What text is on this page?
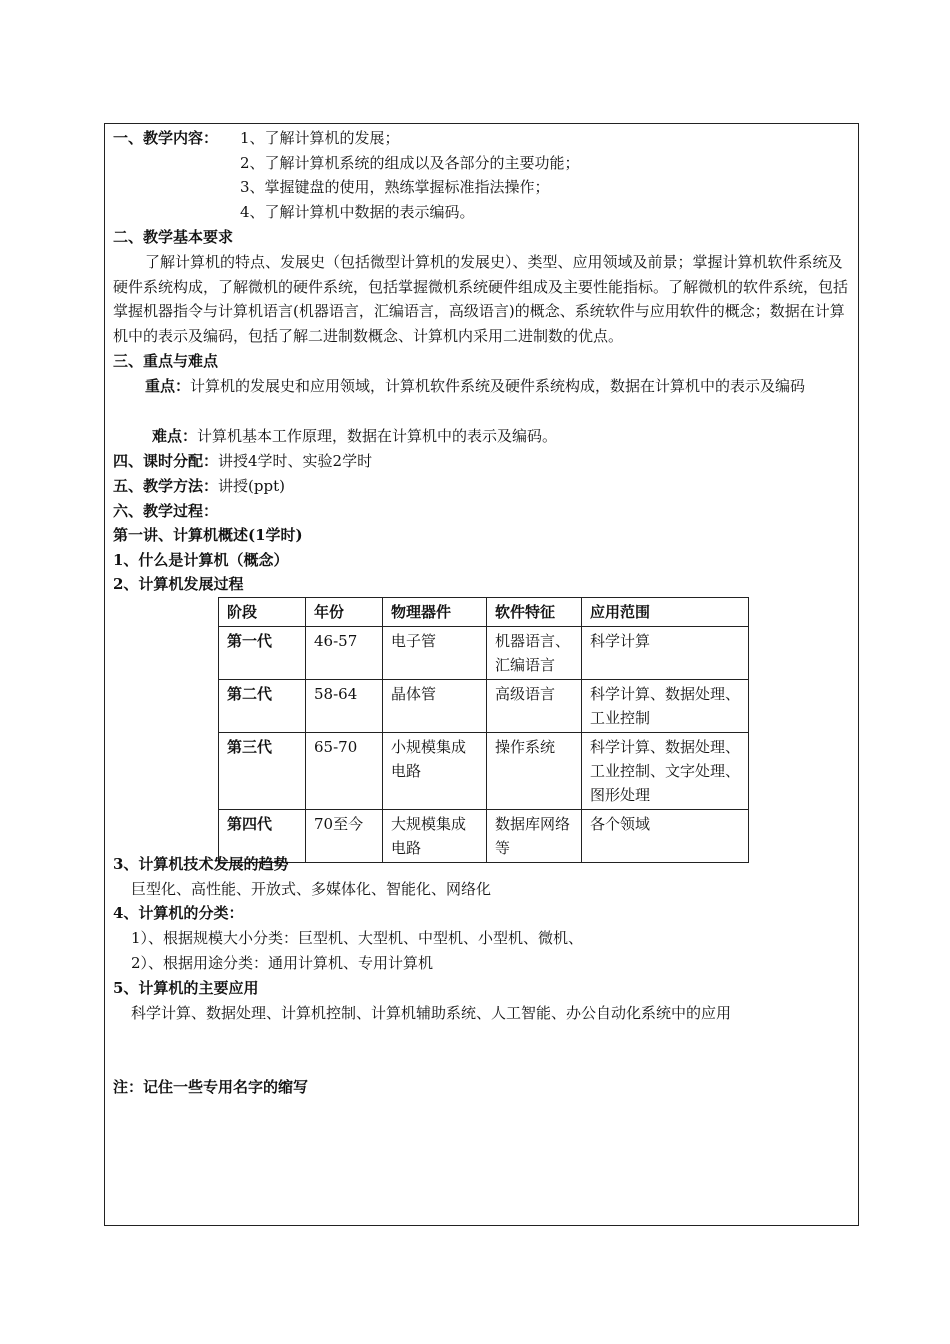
一、教学内容： 1、了解计算机的发展；
2、了解计算机系统的组成以及各部分的主要功能；
3、掌握键盘的使用，熟练掌握标准指法操作；
4、了解计算机中数据的表示编码。
二、教学基本要求
了解计算机的特点、发展史（包括微型计算机的发展史）、类型、应用领域及前景；掌握计算机软件系统及硬件系统构成，了解微机的硬件系统，包括掌握微机系统硬件组成及主要性能指标。了解微机的软件系统，包括掌握机器指令与计算机语言(机器语言，汇编语言，高级语言)的概念、系统软件与应用软件的概念；数据在计算机中的表示及编码，包括了解二进制数概念、计算机内采用二进制数的优点。
三、重点与难点
重点：计算机的发展史和应用领域，计算机软件系统及硬件系统构成，数据在计算机中的表示及编码
难点：计算机基本工作原理，数据在计算机中的表示及编码。
四、课时分配：讲授4学时、实验2学时
五、教学方法：讲授(ppt)
六、教学过程：
第一讲、计算机概述(1学时)
1、什么是计算机（概念）
2、计算机发展过程
阶段	年份	物理器件	软件特征	应用范围
第一代	46-57	电子管	机器语言、汇编语言	科学计算
第二代	58-64	晶体管	高级语言	科学计算、数据处理、工业控制
第三代	65-70	小规模集成电路	操作系统	科学计算、数据处理、工业控制、文字处理、图形处理
第四代	70至今	大规模集成电路	数据库网络等	各个领域
3、计算机技术发展的趋势
巨型化、高性能、开放式、多媒体化、智能化、网络化
4、计算机的分类：
1）、根据规模大小分类：巨型机、大型机、中型机、小型机、微机、
2）、根据用途分类：通用计算机、专用计算机
5、计算机的主要应用
科学计算、数据处理、计算机控制、计算机辅助系统、人工智能、办公自动化系统中的应用
注：记住一些专用名字的缩写
